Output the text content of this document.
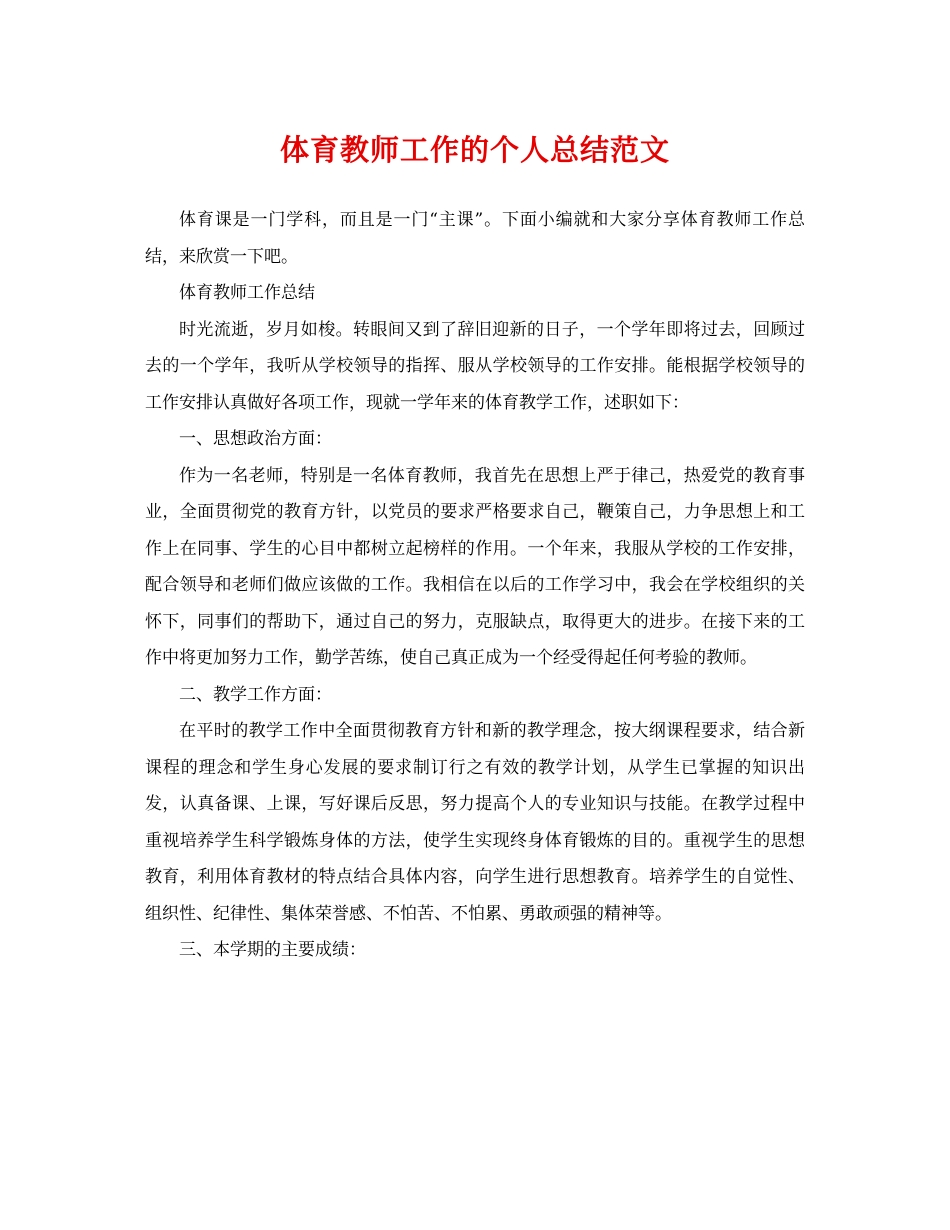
体育教师工作的个人总结范文

体育课是一门学科，而且是一门“主课”。下面小编就和大家分享体育教师工作总结，来欣赏一下吧。

体育教师工作总结

时光流逝，岁月如梭。转眼间又到了辞旧迎新的日子，一个学年即将过去，回顾过去的一个学年，我听从学校领导的指挥、服从学校领导的工作安排。能根据学校领导的工作安排认真做好各项工作，现就一学年来的体育教学工作，述职如下：

一、思想政治方面：

作为一名老师，特别是一名体育教师，我首先在思想上严于律己，热爱党的教育事业，全面贯彻党的教育方针，以党员的要求严格要求自己，鞭策自己，力争思想上和工作上在同事、学生的心目中都树立起榜样的作用。一个年来，我服从学校的工作安排，配合领导和老师们做应该做的工作。我相信在以后的工作学习中，我会在学校组织的关怀下，同事们的帮助下，通过自己的努力，克服缺点，取得更大的进步。在接下来的工作中将更加努力工作，勤学苦练，使自己真正成为一个经受得起任何考验的教师。

二、教学工作方面：

在平时的教学工作中全面贯彻教育方针和新的教学理念，按大纲课程要求，结合新课程的理念和学生身心发展的要求制订行之有效的教学计划，从学生已掌握的知识出发，认真备课、上课，写好课后反思，努力提高个人的专业知识与技能。在教学过程中重视培养学生科学锻炼身体的方法，使学生实现终身体育锻炼的目的。重视学生的思想教育，利用体育教材的特点结合具体内容，向学生进行思想教育。培养学生的自觉性、组织性、纪律性、集体荣誉感、不怕苦、不怕累、勇敢顽强的精神等。

三、本学期的主要成绩：
